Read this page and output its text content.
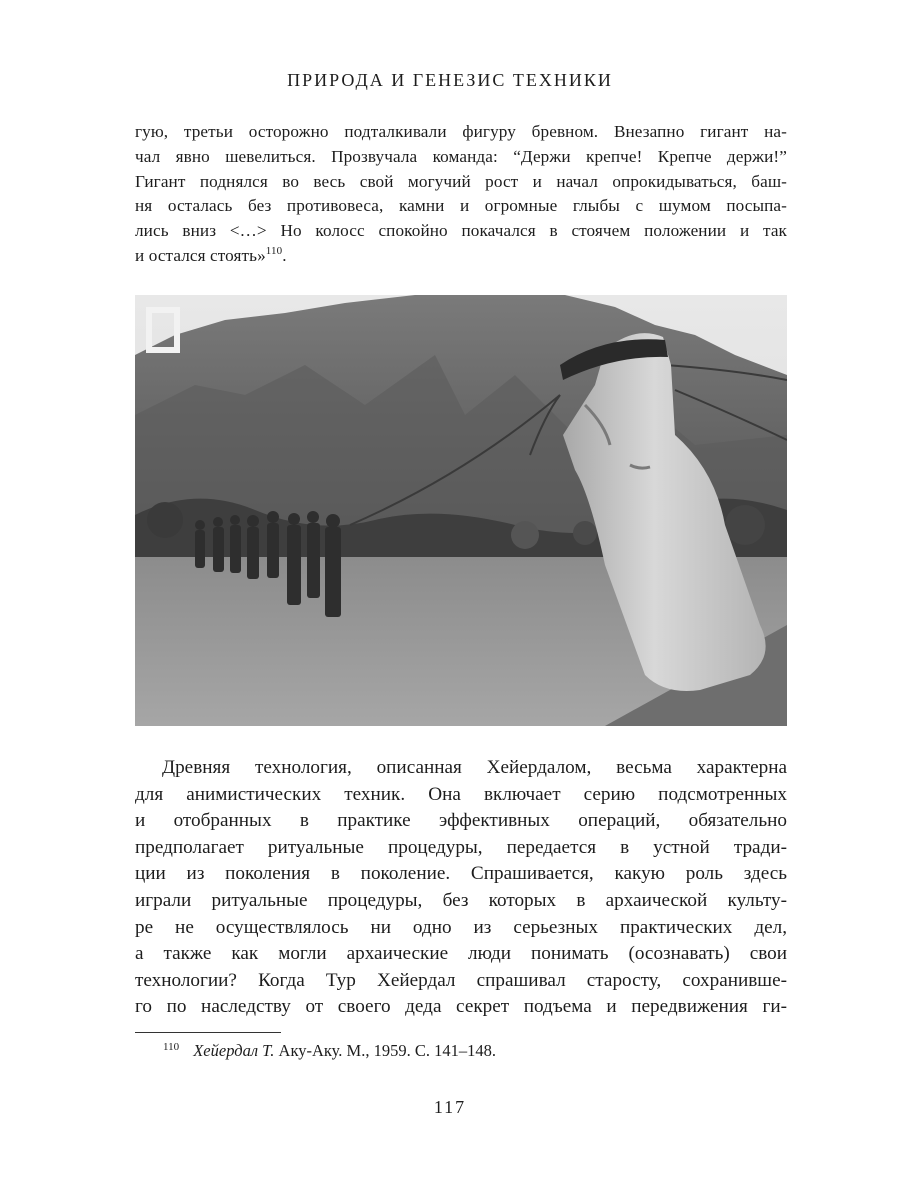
ПРИРОДА И ГЕНЕЗИС ТЕХНИКИ
гую, третьи осторожно подталкивали фигуру бревном. Внезапно гигант на-
чал явно шевелиться. Прозвучала команда: “Держи крепче! Крепче держи!”
Гигант поднялся во весь свой могучий рост и начал опрокидываться, баш-
ня осталась без противовеса, камни и огромные глыбы с шумом посыпа-
лись вниз <…> Но колосс спокойно покачался в стоячем положении и так
и остался стоять»$^{110}$.
Древняя технология, описанная Хейердалом, весьма характерна
для анимистических техник. Она включает серию подсмотренных
и отобранных в практике эффективных операций, обязательно
предполагает ритуальные процедуры, передается в устной тради-
ции из поколения в поколение. Спрашивается, какую роль здесь
играли ритуальные процедуры, без которых в архаической культу-
ре не осуществлялось ни одно из серьезных практических дел,
а также как могли архаические люди понимать (осознавать) свои
технологии? Когда Тур Хейердал спрашивал старосту, сохранивше-
го по наследству от своего деда секрет подъема и передвижения ги-
$^{110}$ Хейердал Т. Аку-Аку. М., 1959. С. 141–148.
117
